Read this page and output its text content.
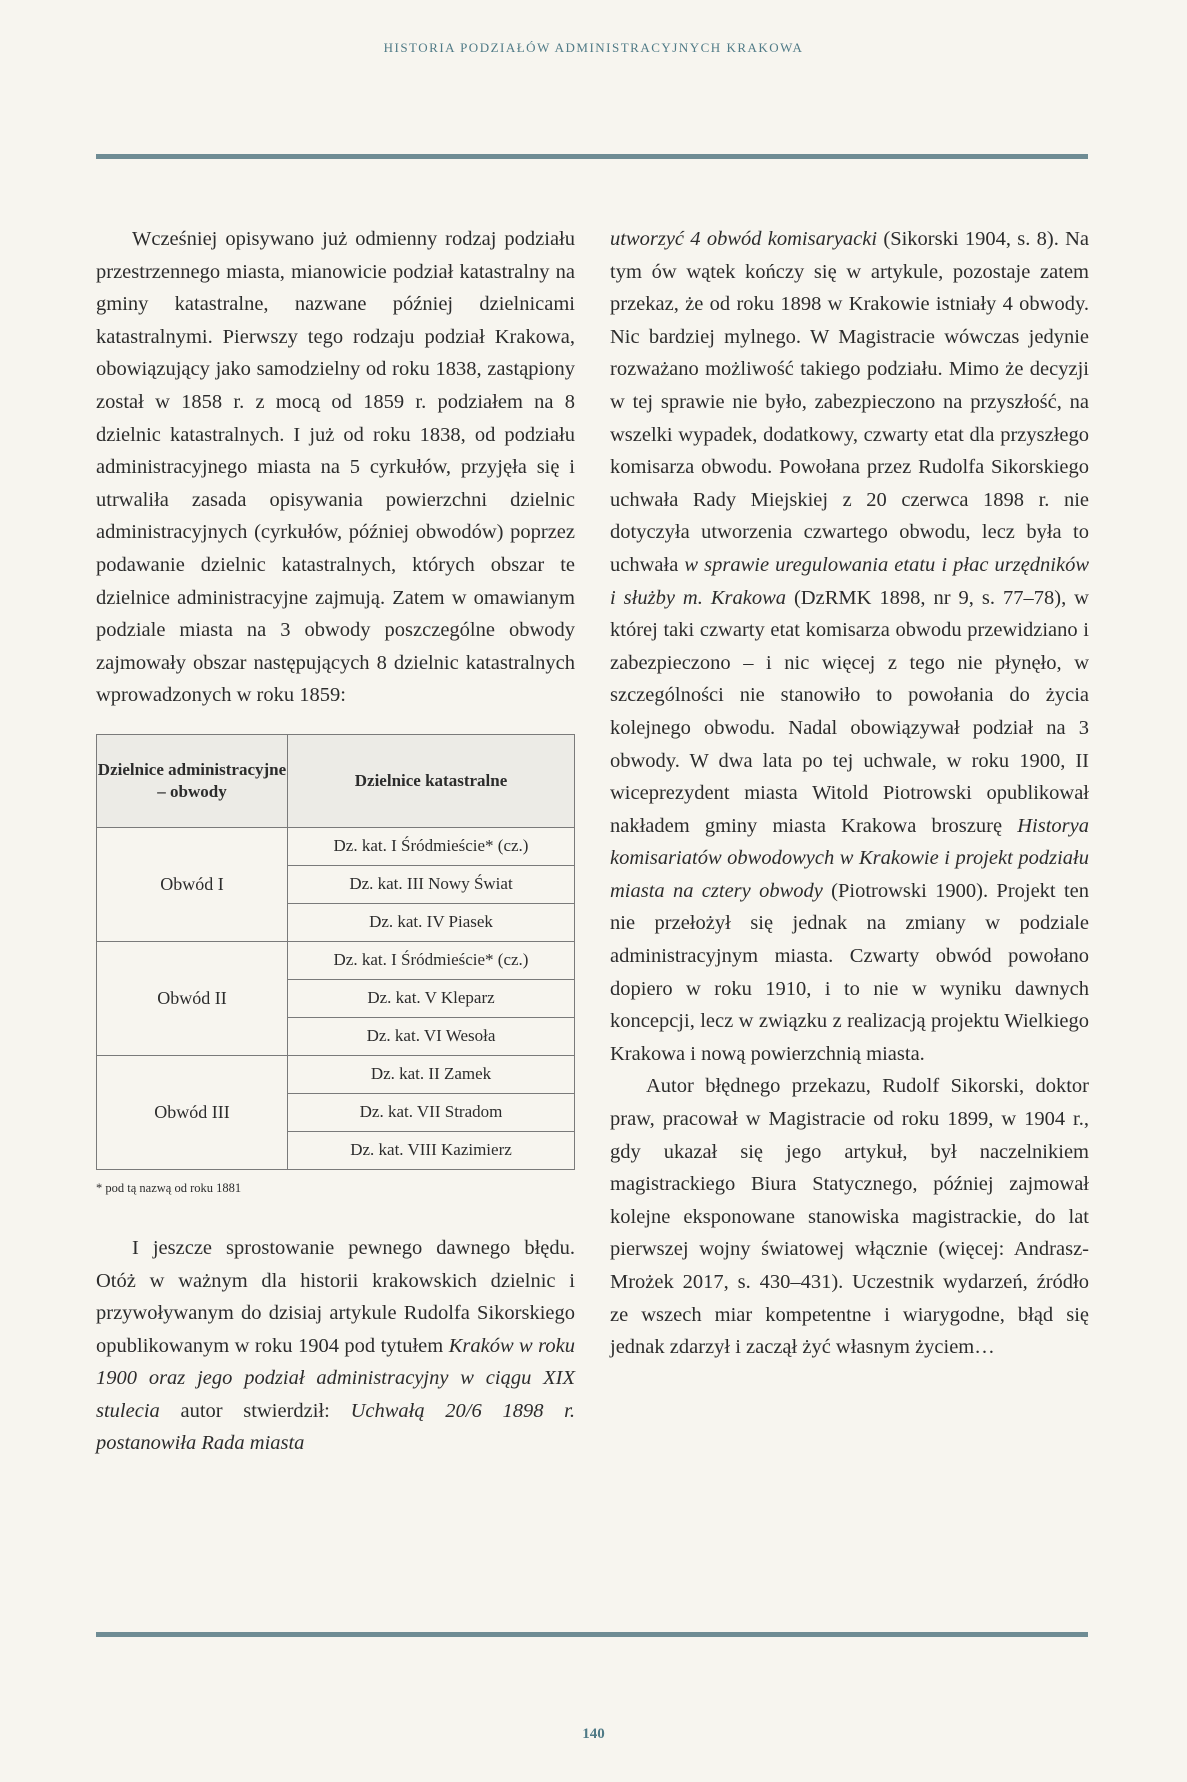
HISTORIA PODZIAŁÓW ADMINISTRACYJNYCH KRAKOWA

Wcześniej opisywano już odmienny rodzaj podziału przestrzennego miasta, mianowicie podział katastralny na gminy katastralne, nazwane później dzielnicami katastralnymi. Pierwszy tego rodzaju podział Krakowa, obowiązujący jako samodzielny od roku 1838, zastąpiony został w 1858 r. z mocą od 1859 r. podziałem na 8 dzielnic katastralnych. I już od roku 1838, od podziału administracyjnego miasta na 5 cyrkułów, przyjęła się i utrwaliła zasada opisywania powierzchni dzielnic administracyjnych (cyrkułów, później obwodów) poprzez podawanie dzielnic katastralnych, których obszar te dzielnice administracyjne zajmują. Zatem w omawianym podziale miasta na 3 obwody poszczególne obwody zajmowały obszar następujących 8 dzielnic katastralnych wprowadzonych w roku 1859:

Dzielnice administracyjne – obwody	Dzielnice katastralne
Obwód I	Dz. kat. I Śródmieście* (cz.)
	Dz. kat. III Nowy Świat
	Dz. kat. IV Piasek
Obwód II	Dz. kat. I Śródmieście* (cz.)
	Dz. kat. V Kleparz
	Dz. kat. VI Wesoła
Obwód III	Dz. kat. II Zamek
	Dz. kat. VII Stradom
	Dz. kat. VIII Kazimierz
* pod tą nazwą od roku 1881

I jeszcze sprostowanie pewnego dawnego błędu. Otóż w ważnym dla historii krakowskich dzielnic i przywoływanym do dzisiaj artykule Rudolfa Sikorskiego opublikowanym w roku 1904 pod tytułem Kraków w roku 1900 oraz jego podział administracyjny w ciągu XIX stulecia autor stwierdził: Uchwałą 20/6 1898 r. postanowiła Rada miasta

utworzyć 4 obwód komisaryacki (Sikorski 1904, s. 8). Na tym ów wątek kończy się w artykule, pozostaje zatem przekaz, że od roku 1898 w Krakowie istniały 4 obwody. Nic bardziej mylnego. W Magistracie wówczas jedynie rozważano możliwość takiego podziału. Mimo że decyzji w tej sprawie nie było, zabezpieczono na przyszłość, na wszelki wypadek, dodatkowy, czwarty etat dla przyszłego komisarza obwodu. Powołana przez Rudolfa Sikorskiego uchwała Rady Miejskiej z 20 czerwca 1898 r. nie dotyczyła utworzenia czwartego obwodu, lecz była to uchwała w sprawie uregulowania etatu i płac urzędników i służby m. Krakowa (DzRMK 1898, nr 9, s. 77–78), w której taki czwarty etat komisarza obwodu przewidziano i zabezpieczono – i nic więcej z tego nie płynęło, w szczególności nie stanowiło to powołania do życia kolejnego obwodu. Nadal obowiązywał podział na 3 obwody. W dwa lata po tej uchwale, w roku 1900, II wiceprezydent miasta Witold Piotrowski opublikował nakładem gminy miasta Krakowa broszurę Historya komisariatów obwodowych w Krakowie i projekt podziału miasta na cztery obwody (Piotrowski 1900). Projekt ten nie przełożył się jednak na zmiany w podziale administracyjnym miasta. Czwarty obwód powołano dopiero w roku 1910, i to nie w wyniku dawnych koncepcji, lecz w związku z realizacją projektu Wielkiego Krakowa i nową powierzchnią miasta.

Autor błędnego przekazu, Rudolf Sikorski, doktor praw, pracował w Magistracie od roku 1899, w 1904 r., gdy ukazał się jego artykuł, był naczelnikiem magistrackiego Biura Statycznego, później zajmował kolejne eksponowane stanowiska magistrackie, do lat pierwszej wojny światowej włącznie (więcej: Andrasz-Mrożek 2017, s. 430–431). Uczestnik wydarzeń, źródło ze wszech miar kompetentne i wiarygodne, błąd się jednak zdarzył i zaczął żyć własnym życiem…

140
